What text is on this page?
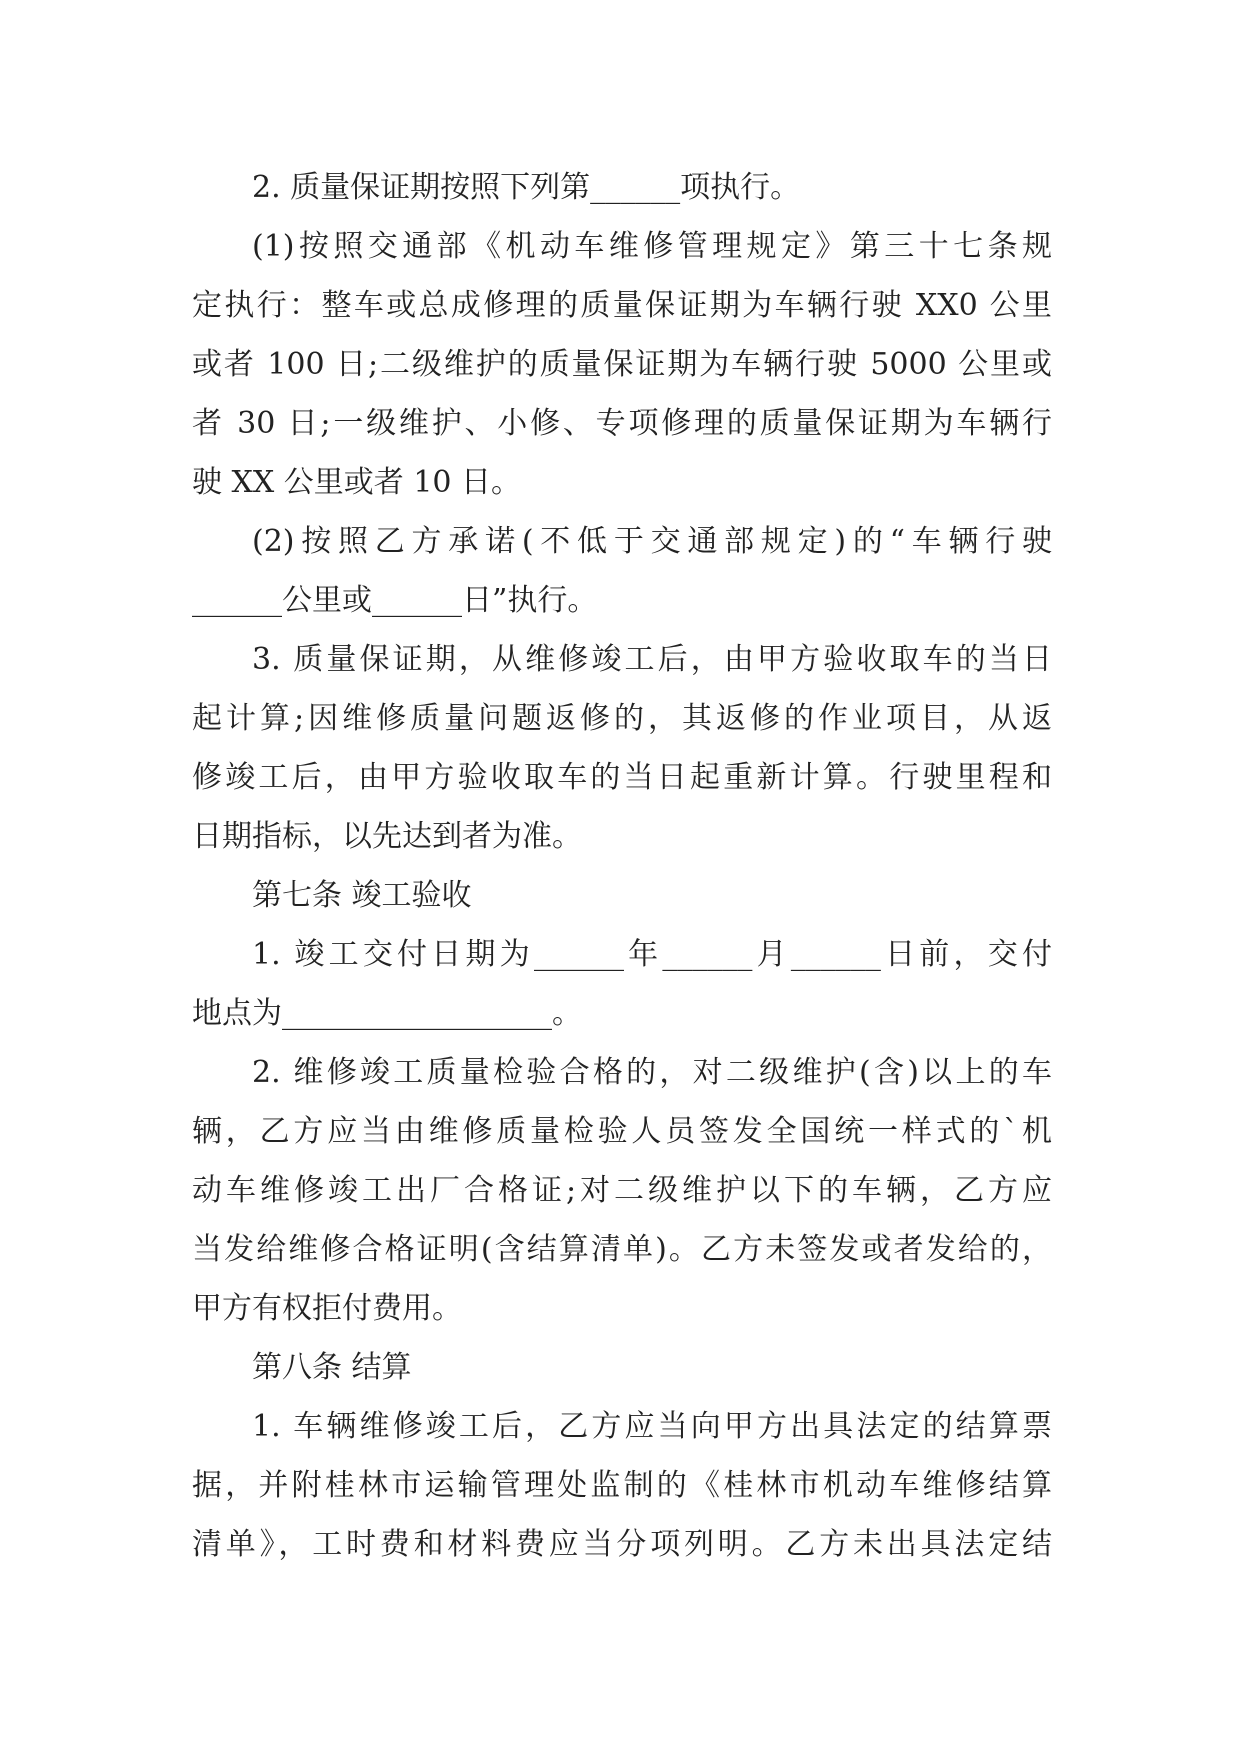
2. 质量保证期按照下列第______项执行。
(1)按照交通部《机动车维修管理规定》第三十七条规
定执行：整车或总成修理的质量保证期为车辆行驶 XX0 公里
或者 100 日;二级维护的质量保证期为车辆行驶 5000 公里或
者 30 日;一级维护、小修、专项修理的质量保证期为车辆行
驶 XX 公里或者 10 日。
(2)按照乙方承诺(不低于交通部规定)的“车辆行驶
______公里或______日”执行。
3. 质量保证期，从维修竣工后，由甲方验收取车的当日
起计算;因维修质量问题返修的，其返修的作业项目，从返
修竣工后，由甲方验收取车的当日起重新计算。行驶里程和
日期指标，以先达到者为准。
第七条 竣工验收
1. 竣工交付日期为______年______月______日前，交付
地点为__________________。
2. 维修竣工质量检验合格的，对二级维护(含)以上的车
辆，乙方应当由维修质量检验人员签发全国统一样式的`机
动车维修竣工出厂合格证;对二级维护以下的车辆，乙方应
当发给维修合格证明(含结算清单)。乙方未签发或者发给的，
甲方有权拒付费用。
第八条 结算
1. 车辆维修竣工后，乙方应当向甲方出具法定的结算票
据，并附桂林市运输管理处监制的《桂林市机动车维修结算
清单》，工时费和材料费应当分项列明。乙方未出具法定结
